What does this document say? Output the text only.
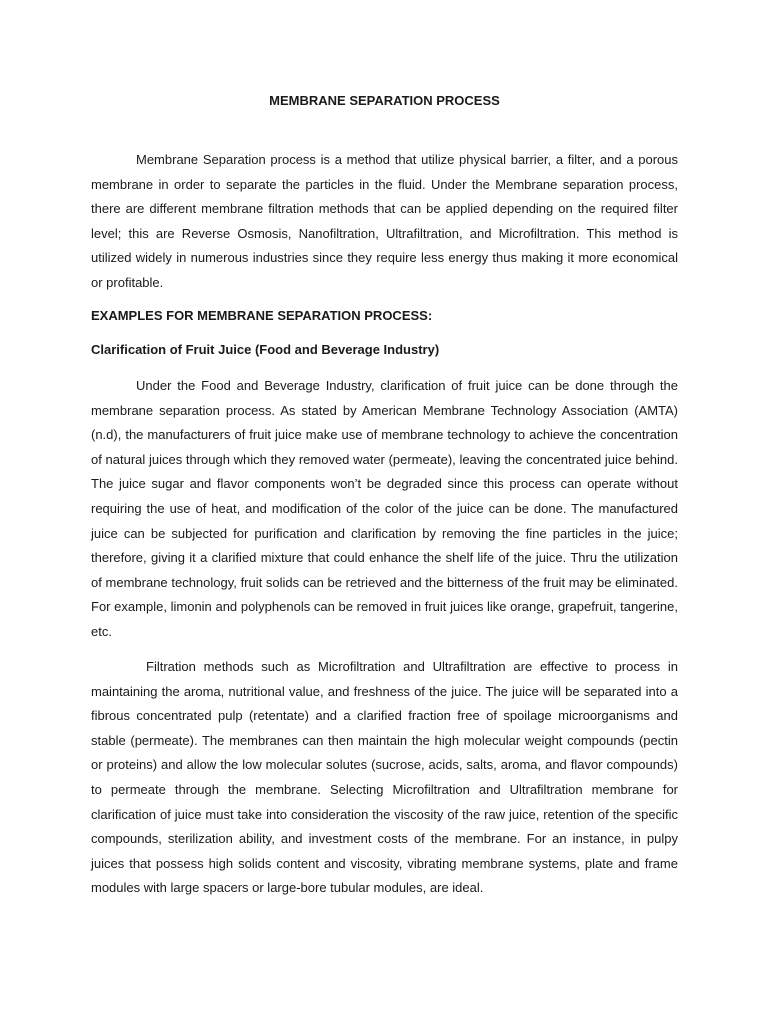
MEMBRANE SEPARATION PROCESS

Membrane Separation process is a method that utilize physical barrier, a filter, and a porous membrane in order to separate the particles in the fluid. Under the Membrane separation process, there are different membrane filtration methods that can be applied depending on the required filter level; this are Reverse Osmosis, Nanofiltration, Ultrafiltration, and Microfiltration. This method is utilized widely in numerous industries since they require less energy thus making it more economical or profitable.

EXAMPLES FOR MEMBRANE SEPARATION PROCESS:
Clarification of Fruit Juice (Food and Beverage Industry)

Under the Food and Beverage Industry, clarification of fruit juice can be done through the membrane separation process. As stated by American Membrane Technology Association (AMTA) (n.d), the manufacturers of fruit juice make use of membrane technology to achieve the concentration of natural juices through which they removed water (permeate), leaving the concentrated juice behind. The juice sugar and flavor components won’t be degraded since this process can operate without requiring the use of heat, and modification of the color of the juice can be done. The manufactured juice can be subjected for purification and clarification by removing the fine particles in the juice; therefore, giving it a clarified mixture that could enhance the shelf life of the juice. Thru the utilization of membrane technology, fruit solids can be retrieved and the bitterness of the fruit may be eliminated. For example, limonin and polyphenols can be removed in fruit juices like orange, grapefruit, tangerine, etc.

Filtration methods such as Microfiltration and Ultrafiltration are effective to process in maintaining the aroma, nutritional value, and freshness of the juice. The juice will be separated into a fibrous concentrated pulp (retentate) and a clarified fraction free of spoilage microorganisms and stable (permeate). The membranes can then maintain the high molecular weight compounds (pectin or proteins) and allow the low molecular solutes (sucrose, acids, salts, aroma, and flavor compounds) to permeate through the membrane. Selecting Microfiltration and Ultrafiltration membrane for clarification of juice must take into consideration the viscosity of the raw juice, retention of the specific compounds, sterilization ability, and investment costs of the membrane. For an instance, in pulpy juices that possess high solids content and viscosity, vibrating membrane systems, plate and frame modules with large spacers or large-bore tubular modules, are ideal.
